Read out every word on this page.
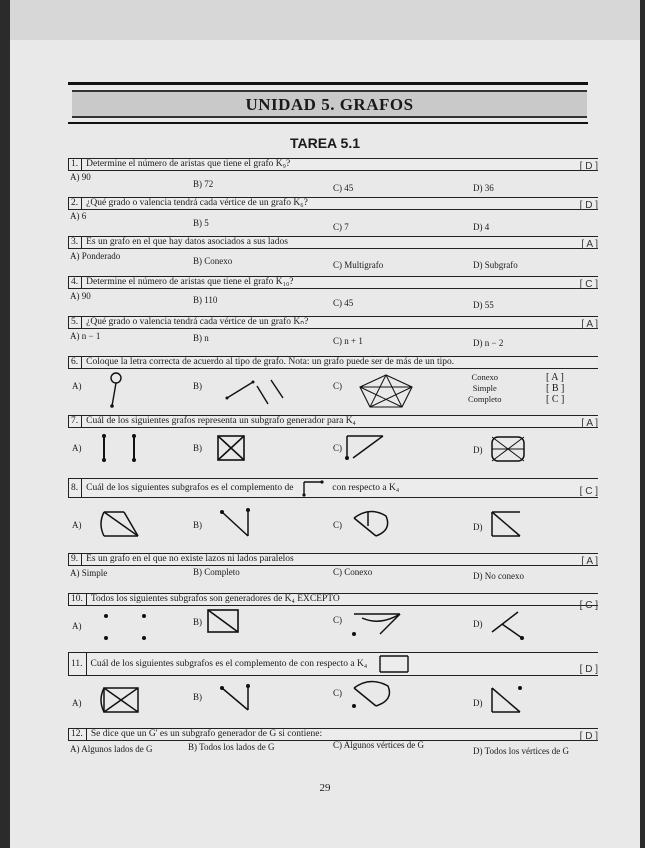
UNIDAD 5. GRAFOS
TAREA 5.1
1. Determine el número de aristas que tiene el grafo K₉?	[ D ]
A) 90
B) 72	C) 45	D) 36
2. ¿Qué grado o valencia tendrá cada vértice de un grafo K₆?	[ D ]
A) 6
B) 5	C) 7	D) 4
3. Es un grafo en el que hay datos asociados a sus lados	[ A ]
A) Ponderado	B) Conexo	C) Multigrafo	D) Subgrafo
4. Determine el número de aristas que tiene el grafo K₁₀?	[ C ]
A) 90	B) 110	C) 45	D) 55
5. ¿Qué grado o valencia tendrá cada vértice de un grafo Kₙ?	[ A ]
A) n − 1	B) n	C) n + 1	D) n − 2
6. Coloque la letra correcta de acuerdo al tipo de grafo. Nota: un grafo puede ser de más de un tipo.
A)	B)	C)
Conexo
Simple
Completo
[ A ]
[ B ]
[ C ]
7. Cuál de los siguientes grafos representa un subgrafo generador para K₄	[ A ]
A)	B)	C)	D)
8. Cuál de los siguientes subgrafos es el complemento de	con respecto a K₄	[ C ]
A)	B)	C)	D)
9. Es un grafo en el que no existe lazos ni lados paralelos	[ A ]
A) Simple	B) Completo	C) Conexo	D) No conexo
10. Todos los siguientes subgrafos son generadores de K₄ EXCEPTO
[ C ]
A)	B)	C)	D)
11. Cuál de los siguientes subgrafos es el complemento de con respecto a K₄	[ D ]
A)
B)	C)
D)
12. Se dice que un G' es un subgrafo generador de G si contiene:	[ D ]
A) Algunos lados de G	B) Todos los lados de G	C) Algunos vértices de G
D) Todos los vértices de G
29
